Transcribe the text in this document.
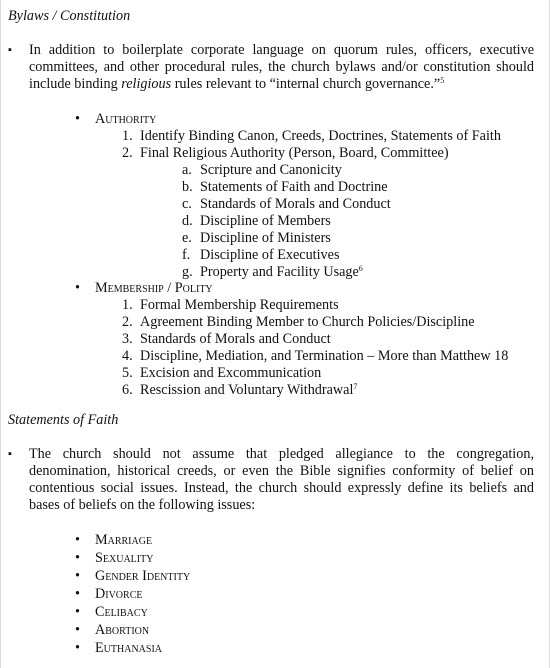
Bylaws / Constitution
▪ In addition to boilerplate corporate language on quorum rules, officers, executive committees, and other procedural rules, the church bylaws and/or constitution should include binding religious rules relevant to “internal church governance.”$^5$
• Authority
1. Identify Binding Canon, Creeds, Doctrines, Statements of Faith
2. Final Religious Authority (Person, Board, Committee)
a. Scripture and Canonicity
b. Statements of Faith and Doctrine
c. Standards of Morals and Conduct
d. Discipline of Members
e. Discipline of Ministers
f. Discipline of Executives
g. Property and Facility Usage$^6$
• Membership / Polity
1. Formal Membership Requirements
2. Agreement Binding Member to Church Policies/Discipline
3. Standards of Morals and Conduct
4. Discipline, Mediation, and Termination – More than Matthew 18
5. Excision and Excommunication
6. Rescission and Voluntary Withdrawal$^7$
Statements of Faith
▪ The church should not assume that pledged allegiance to the congregation, denomination, historical creeds, or even the Bible signifies conformity of belief on contentious social issues. Instead, the church should expressly define its beliefs and bases of beliefs on the following issues:
• Marriage
• Sexuality
• Gender Identity
• Divorce
• Celibacy
• Abortion
• Euthanasia
